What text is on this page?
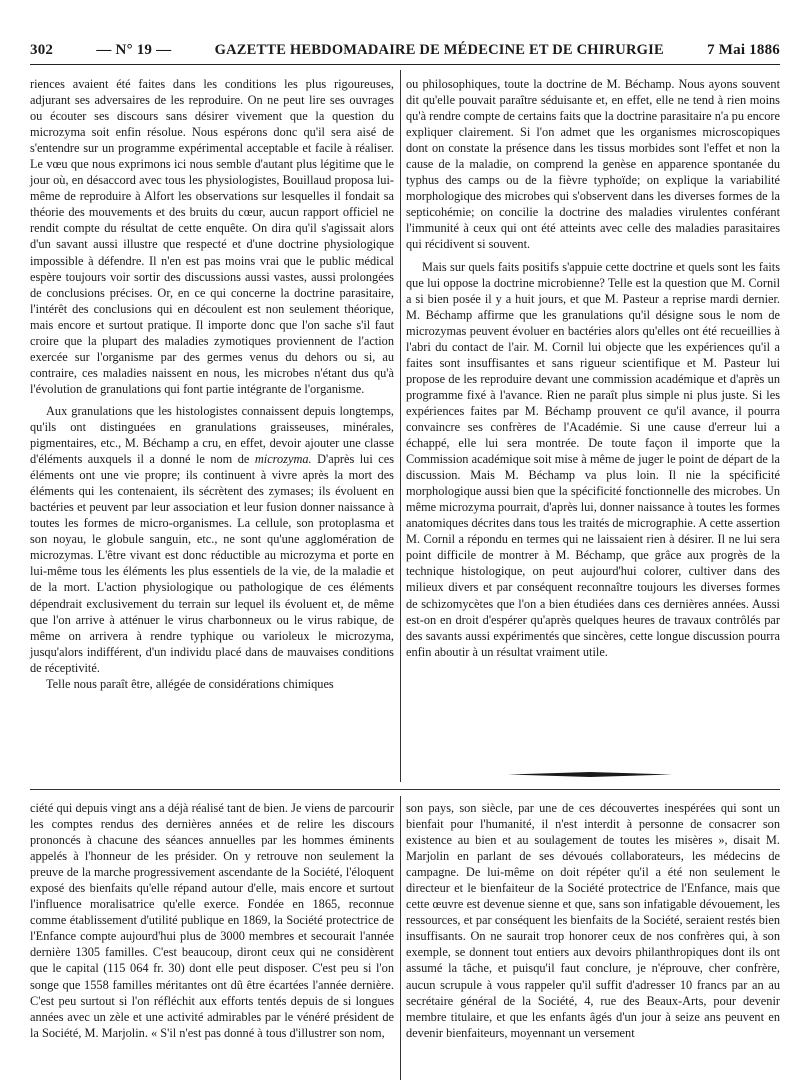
302	— N° 19 —	GAZETTE HEBDOMADAIRE DE MÉDECINE ET DE CHIRURGIE	7 Mai 1886

riences avaient été faites dans les conditions les plus rigoureuses, adjurant ses adversaires de les reproduire. On ne peut lire ses ouvrages ou écouter ses discours sans désirer vivement que la question du microzyma soit enfin résolue. Nous espérons donc qu'il sera aisé de s'entendre sur un programme expérimental acceptable et facile à réaliser. Le vœu que nous exprimons ici nous semble d'autant plus légitime que le jour où, en désaccord avec tous les physiologistes, Bouillaud proposa lui-même de reproduire à Alfort les observations sur lesquelles il fondait sa théorie des mouvements et des bruits du cœur, aucun rapport officiel ne rendit compte du résultat de cette enquête. On dira qu'il s'agissait alors d'un savant aussi illustre que respecté et d'une doctrine physiologique impossible à défendre. Il n'en est pas moins vrai que le public médical espère toujours voir sortir des discussions aussi vastes, aussi prolongées de conclusions précises. Or, en ce qui concerne la doctrine parasitaire, l'intérêt des conclusions qui en découlent est non seulement théorique, mais encore et surtout pratique. Il importe donc que l'on sache s'il faut croire que la plupart des maladies zymotiques proviennent de l'action exercée sur l'organisme par des germes venus du dehors ou si, au contraire, ces maladies naissent en nous, les microbes n'étant dus qu'à l'évolution de granulations qui font partie intégrante de l'organisme.

Aux granulations que les histologistes connaissent depuis longtemps, qu'ils ont distinguées en granulations graisseuses, minérales, pigmentaires, etc., M. Béchamp a cru, en effet, devoir ajouter une classe d'éléments auxquels il a donné le nom de microzyma. D'après lui ces éléments ont une vie propre; ils continuent à vivre après la mort des éléments qui les contenaient, ils sécrètent des zymases; ils évoluent en bactéries et peuvent par leur association et leur fusion donner naissance à toutes les formes de micro-organismes. La cellule, son protoplasma et son noyau, le globule sanguin, etc., ne sont qu'une agglomération de microzymas. L'être vivant est donc réductible au microzyma et porte en lui-même tous les éléments les plus essentiels de la vie, de la maladie et de la mort. L'action physiologique ou pathologique de ces éléments dépendrait exclusivement du terrain sur lequel ils évoluent et, de même que l'on arrive à atténuer le virus charbonneux ou le virus rabique, de même on arrivera à rendre typhique ou varioleux le microzyma, jusqu'alors indifférent, d'un individu placé dans de mauvaises conditions de réceptivité.

Telle nous paraît être, allégée de considérations chimiques

ou philosophiques, toute la doctrine de M. Béchamp. Nous ayons souvent dit qu'elle pouvait paraître séduisante et, en effet, elle ne tend à rien moins qu'à rendre compte de certains faits que la doctrine parasitaire n'a pu encore expliquer clairement. Si l'on admet que les organismes microscopiques dont on constate la présence dans les tissus morbides sont l'effet et non la cause de la maladie, on comprend la genèse en apparence spontanée du typhus des camps ou de la fièvre typhoïde; on explique la variabilité morphologique des microbes qui s'observent dans les diverses formes de la septicohémie; on concilie la doctrine des maladies virulentes conférant l'immunité à ceux qui ont été atteints avec celle des maladies parasitaires qui récidivent si souvent.

Mais sur quels faits positifs s'appuie cette doctrine et quels sont les faits que lui oppose la doctrine microbienne? Telle est la question que M. Cornil a si bien posée il y a huit jours, et que M. Pasteur a reprise mardi dernier. M. Béchamp affirme que les granulations qu'il désigne sous le nom de microzymas peuvent évoluer en bactéries alors qu'elles ont été recueillies à l'abri du contact de l'air. M. Cornil lui objecte que les expériences qu'il a faites sont insuffisantes et sans rigueur scientifique et M. Pasteur lui propose de les reproduire devant une commission académique et d'après un programme fixé à l'avance. Rien ne paraît plus simple ni plus juste. Si les expériences faites par M. Béchamp prouvent ce qu'il avance, il pourra convaincre ses confrères de l'Académie. Si une cause d'erreur lui a échappé, elle lui sera montrée. De toute façon il importe que la Commission académique soit mise à même de juger le point de départ de la discussion. Mais M. Béchamp va plus loin. Il nie la spécificité morphologique aussi bien que la spécificité fonctionnelle des microbes. Un même microzyma pourrait, d'après lui, donner naissance à toutes les formes anatomiques décrites dans tous les traités de micrographie. A cette assertion M. Cornil a répondu en termes qui ne laissaient rien à désirer. Il ne lui sera point difficile de montrer à M. Béchamp, que grâce aux progrès de la technique histologique, on peut aujourd'hui colorer, cultiver dans des milieux divers et par conséquent reconnaître toujours les diverses formes de schizomycètes que l'on a bien étudiées dans ces dernières années. Aussi est-on en droit d'espérer qu'après quelques heures de travaux contrôlés par des savants aussi expérimentés que sincères, cette longue discussion pourra enfin aboutir à un résultat vraiment utile.

ciété qui depuis vingt ans a déjà réalisé tant de bien. Je viens de parcourir les comptes rendus des dernières années et de relire les discours prononcés à chacune des séances annuelles par les hommes éminents appelés à l'honneur de les présider. On y retrouve non seulement la preuve de la marche progressivement ascendante de la Société, l'éloquent exposé des bienfaits qu'elle répand autour d'elle, mais encore et surtout l'influence moralisatrice qu'elle exerce. Fondée en 1865, reconnue comme établissement d'utilité publique en 1869, la Société protectrice de l'Enfance compte aujourd'hui plus de 3000 membres et secourait l'année dernière 1305 familles. C'est beaucoup, diront ceux qui ne considèrent que le capital (115 064 fr. 30) dont elle peut disposer. C'est peu si l'on songe que 1558 familles méritantes ont dû être écartées l'année dernière. C'est peu surtout si l'on réfléchit aux efforts tentés depuis de si longues années avec un zèle et une activité admirables par le vénéré président de la Société, M. Marjolin. « S'il n'est pas donné à tous d'illustrer son nom,

son pays, son siècle, par une de ces découvertes inespérées qui sont un bienfait pour l'humanité, il n'est interdit à personne de consacrer son existence au bien et au soulagement de toutes les misères », disait M. Marjolin en parlant de ses dévoués collaborateurs, les médecins de campagne. De lui-même on doit répéter qu'il a été non seulement le directeur et le bienfaiteur de la Société protectrice de l'Enfance, mais que cette œuvre est devenue sienne et que, sans son infatigable dévouement, les ressources, et par conséquent les bienfaits de la Société, seraient restés bien insuffisants. On ne saurait trop honorer ceux de nos confrères qui, à son exemple, se donnent tout entiers aux devoirs philanthropiques dont ils ont assumé la tâche, et puisqu'il faut conclure, je n'éprouve, cher confrère, aucun scrupule à vous rappeler qu'il suffit d'adresser 10 francs par an au secrétaire général de la Société, 4, rue des Beaux-Arts, pour devenir membre titulaire, et que les enfants âgés d'un jour à seize ans peuvent en devenir bienfaiteurs, moyennant un versement
